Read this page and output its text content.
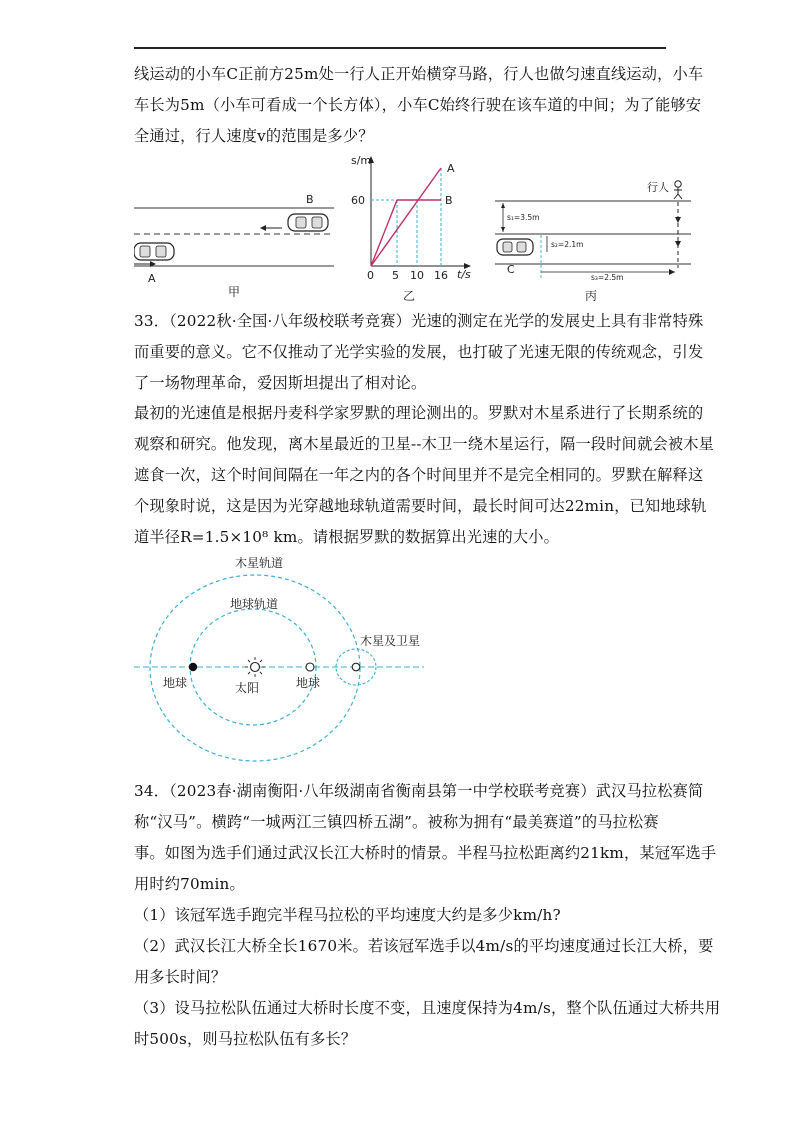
线运动的小车C正前方25m处一行人正开始横穿马路，行人也做匀速直线运动，小车
车长为5m（小车可看成一个长方体），小车C始终行驶在该车道的中间；为了能够安
全通过，行人速度v的范围是多少？
B
A
甲
s/m
t/s
60
0 5 10 16
A
B
乙
行人
s₁=3.5m
s₂=2.1m
C
s₃=2.5m
丙
33．（2022秋·全国·八年级校联考竞赛）光速的测定在光学的发展史上具有非常特殊
而重要的意义。它不仅推动了光学实验的发展，也打破了光速无限的传统观念，引发
了一场物理革命，爱因斯坦提出了相对论。
最初的光速值是根据丹麦科学家罗默的理论测出的。罗默对木星系进行了长期系统的
观察和研究。他发现，离木星最近的卫星--木卫一绕木星运行，隔一段时间就会被木星
遮食一次，这个时间间隔在一年之内的各个时间里并不是完全相同的。罗默在解释这
个现象时说，这是因为光穿越地球轨道需要时间，最长时间可达22min，已知地球轨
道半径R=1.5×10⁸ km。请根据罗默的数据算出光速的大小。
木星轨道
地球轨道
木星及卫星
地球	太阳	地球
34．（2023春·湖南衡阳·八年级湖南省衡南县第一中学校联考竞赛）武汉马拉松赛简
称“汉马”。横跨“一城两江三镇四桥五湖”。被称为拥有“最美赛道”的马拉松赛
事。如图为选手们通过武汉长江大桥时的情景。半程马拉松距离约21km，某冠军选手
用时约70min。
（1）该冠军选手跑完半程马拉松的平均速度大约是多少km/h?
（2）武汉长江大桥全长1670米。若该冠军选手以4m/s的平均速度通过长江大桥，要
用多长时间？
（3）设马拉松队伍通过大桥时长度不变，且速度保持为4m/s，整个队伍通过大桥共用
时500s，则马拉松队伍有多长？
